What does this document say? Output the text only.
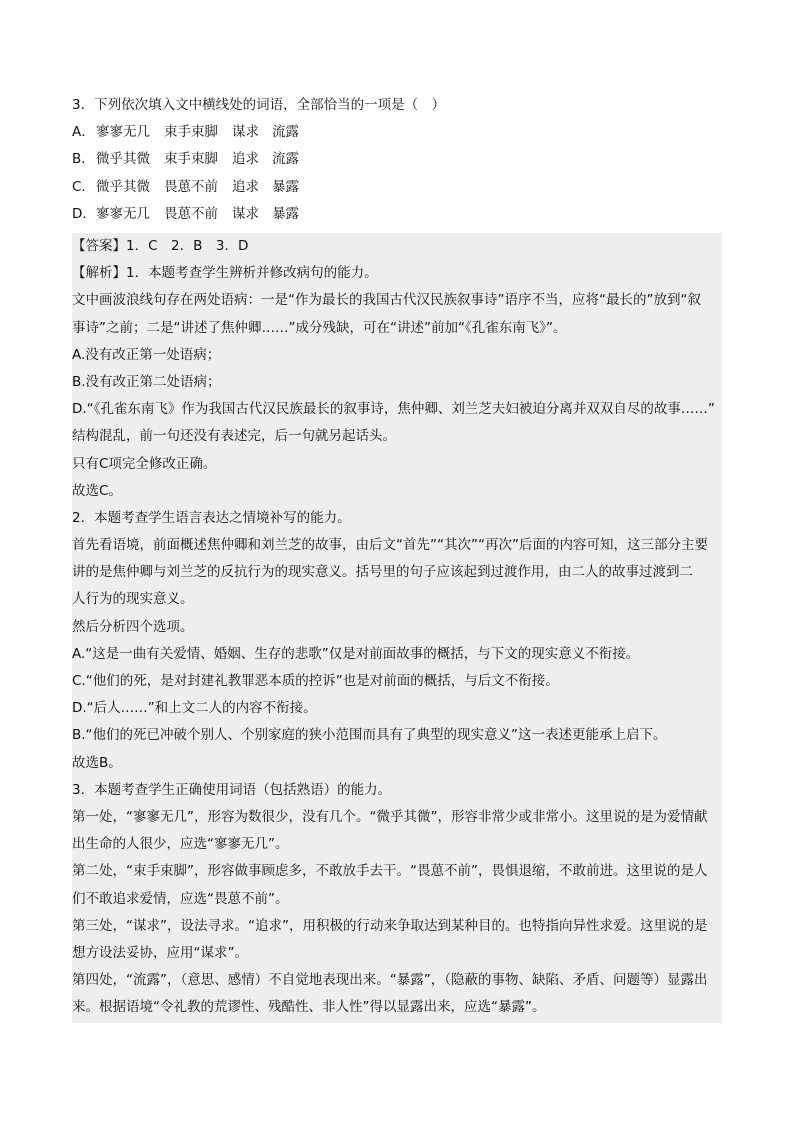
3．下列依次填入文中横线处的词语，全部恰当的一项是（　）
A．寥寥无几 束手束脚 谋求 流露
B．微乎其微 束手束脚 追求 流露
C．微乎其微 畏葸不前 追求 暴露
D．寥寥无几 畏葸不前 谋求 暴露
【答案】1．C　2．B　3．D
【解析】1．本题考查学生辨析并修改病句的能力。
文中画波浪线句存在两处语病：一是“作为最长的我国古代汉民族叙事诗”语序不当，应将“最长的”放到“叙
事诗”之前；二是“讲述了焦仲卿……”成分残缺，可在“讲述”前加“《孔雀东南飞》”。
A.没有改正第一处语病；
B.没有改正第二处语病；
D.“《孔雀东南飞》作为我国古代汉民族最长的叙事诗，焦仲卿、刘兰芝夫妇被迫分离并双双自尽的故事……”
结构混乱，前一句还没有表述完，后一句就另起话头。
只有C项完全修改正确。
故选C。
2．本题考查学生语言表达之情境补写的能力。
首先看语境，前面概述焦仲卿和刘兰芝的故事，由后文“首先”“其次”“再次”后面的内容可知，这三部分主要
讲的是焦仲卿与刘兰芝的反抗行为的现实意义。括号里的句子应该起到过渡作用，由二人的故事过渡到二
人行为的现实意义。
然后分析四个选项。
A.“这是一曲有关爱情、婚姻、生存的悲歌”仅是对前面故事的概括，与下文的现实意义不衔接。
C.“他们的死，是对封建礼教罪恶本质的控诉”也是对前面的概括，与后文不衔接。
D.“后人……”和上文二人的内容不衔接。
B.“他们的死已冲破个别人、个别家庭的狭小范围而具有了典型的现实意义”这一表述更能承上启下。
故选B。
3．本题考查学生正确使用词语（包括熟语）的能力。
第一处，“寥寥无几”，形容为数很少，没有几个。“微乎其微”，形容非常少或非常小。这里说的是为爱情献
出生命的人很少，应选“寥寥无几”。
第二处，“束手束脚”，形容做事顾虑多，不敢放手去干。“畏葸不前”，畏惧退缩，不敢前进。这里说的是人
们不敢追求爱情，应选“畏葸不前”。
第三处，“谋求”，设法寻求。“追求”，用积极的行动来争取达到某种目的。也特指向异性求爱。这里说的是
想方设法妥协，应用“谋求”。
第四处，“流露”，（意思、感情）不自觉地表现出来。“暴露”，（隐蔽的事物、缺陷、矛盾、问题等）显露出
来。根据语境“令礼教的荒谬性、残酷性、非人性”得以显露出来，应选“暴露”。
